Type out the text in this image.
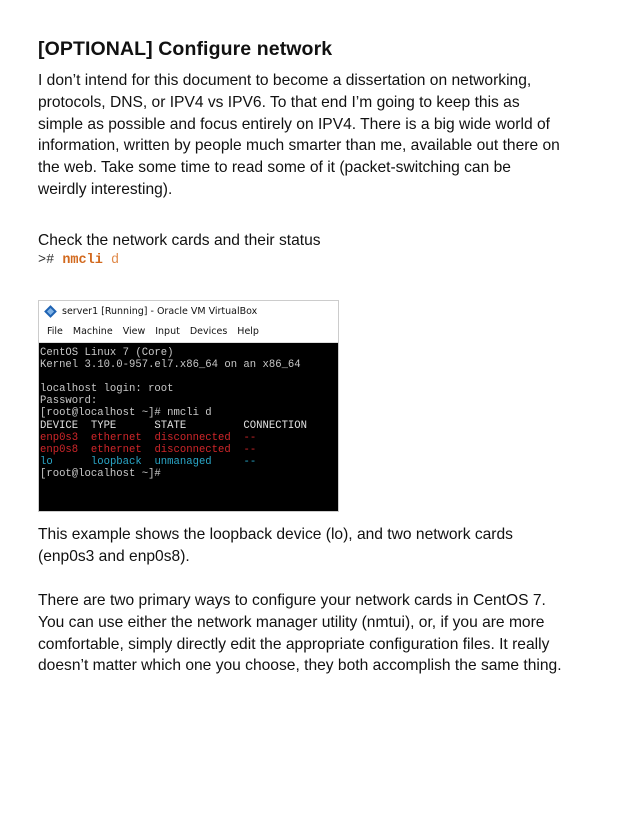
[OPTIONAL] Configure network

I don’t intend for this document to become a dissertation on networking,
protocols, DNS, or IPV4 vs IPV6. To that end I’m going to keep this as
simple as possible and focus entirely on IPV4. There is a big wide world of
information, written by people much smarter than me, available out there on
the web. Take some time to read some of it (packet-switching can be
weirdly interesting).

Check the network cards and their status

># nmcli d
server1 [Running] - Oracle VM VirtualBox
File Machine View Input Devices Help
CentOS Linux 7 (Core)
Kernel 3.10.0-957.el7.x86_64 on an x86_64

localhost login: root
Password:
[root@localhost ~]# nmcli d
DEVICE  TYPE      STATE         CONNECTION
enp0s3 ethernet disconnected --
enp0s8 ethernet disconnected --
lo	loopback unmanaged	--
[root@localhost ~]#

This example shows the loopback device (lo), and two network cards
(enp0s3 and enp0s8).

There are two primary ways to configure your network cards in CentOS 7.
You can use either the network manager utility (nmtui), or, if you are more
comfortable, simply directly edit the appropriate configuration files. It really
doesn’t matter which one you choose, they both accomplish the same thing.
